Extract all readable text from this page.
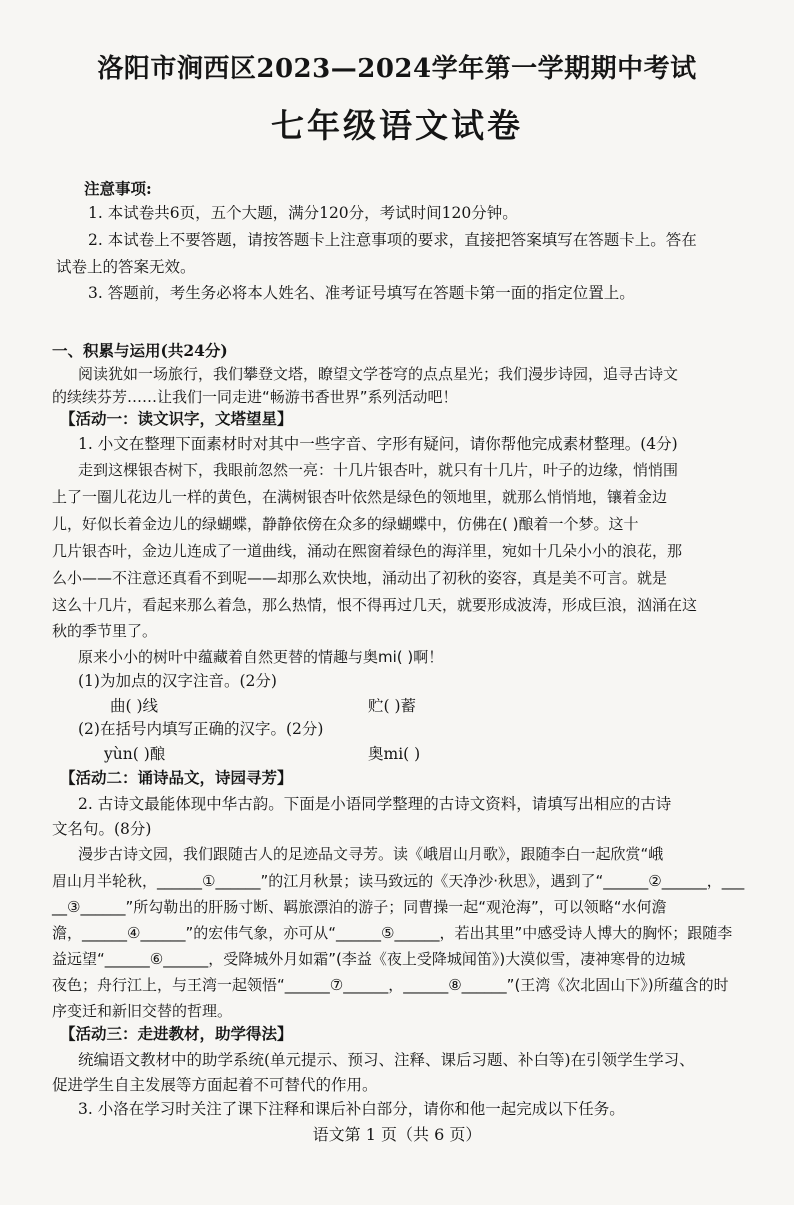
洛阳市涧西区2023—2024学年第一学期期中考试
七年级语文试卷
注意事项:
1. 本试卷共6页，五个大题，满分120分，考试时间120分钟。
2. 本试卷上不要答题，请按答题卡上注意事项的要求，直接把答案填写在答题卡上。答在
试卷上的答案无效。
3. 答题前，考生务必将本人姓名、准考证号填写在答题卡第一面的指定位置上。
一、积累与运用(共24分)
阅读犹如一场旅行，我们攀登文塔，瞭望文学苍穹的点点星光；我们漫步诗园，追寻古诗文
的续续芬芳……让我们一同走进“畅游书香世界”系列活动吧！
【活动一：读文识字，文塔望星】
1. 小文在整理下面素材时对其中一些字音、字形有疑问，请你帮他完成素材整理。(4分)
走到这棵银杏树下，我眼前忽然一亮：十几片银杏叶，就只有十几片，叶子的边缘，悄悄围
上了一圈儿花边儿一样的黄色，在满树银杏叶依然是绿色的领地里，就那么悄悄地，镶着金边
儿，好似长着金边儿的绿蝴蝶，静静依傍在众多的绿蝴蝶中，仿佛在( )酿着一个梦。这十
几片银杏叶，金边儿连成了一道曲线，涌动在熙窗着绿色的海洋里，宛如十几朵小小的浪花，那
么小——不注意还真看不到呢——却那么欢快地，涌动出了初秋的姿容，真是美不可言。就是
这么十几片，看起来那么着急，那么热情，恨不得再过几天，就要形成波涛，形成巨浪，汹涌在这
秋的季节里了。
原来小小的树叶中蕴藏着自然更替的情趣与奥mi( )啊！
(1)为加点的汉字注音。(2分)
曲( )线	贮( )蓄
(2)在括号内填写正确的汉字。(2分)
yùn( )酿	奥mi( )
【活动二：诵诗品文，诗园寻芳】
2. 古诗文最能体现中华古韵。下面是小语同学整理的古诗文资料，请填写出相应的古诗
文名句。(8分)
漫步古诗文园，我们跟随古人的足迹品文寻芳。读《峨眉山月歌》，跟随李白一起欣赏“峨
眉山月半轮秋，______①______”的江月秋景；读马致远的《天净沙·秋思》，遇到了“______②______，___
__③______”所勾勒出的肝肠寸断、羁旅漂泊的游子；同曹操一起“观沧海”，可以领略“水何澹
澹，______④______”的宏伟气象，亦可从“______⑤______，若出其里”中感受诗人博大的胸怀；跟随李
益远望“______⑥______，受降城外月如霜”(李益《夜上受降城闻笛》)大漠似雪，凄神寒骨的边城
夜色；舟行江上，与王湾一起领悟“______⑦______，______⑧______”(王湾《次北固山下》)所蕴含的时
序变迁和新旧交替的哲理。
【活动三：走进教材，助学得法】
统编语文教材中的助学系统(单元提示、预习、注释、课后习题、补白等)在引领学生学习、
促进学生自主发展等方面起着不可替代的作用。
3. 小洛在学习时关注了课下注释和课后补白部分，请你和他一起完成以下任务。
语文第 1 页（共 6 页）
